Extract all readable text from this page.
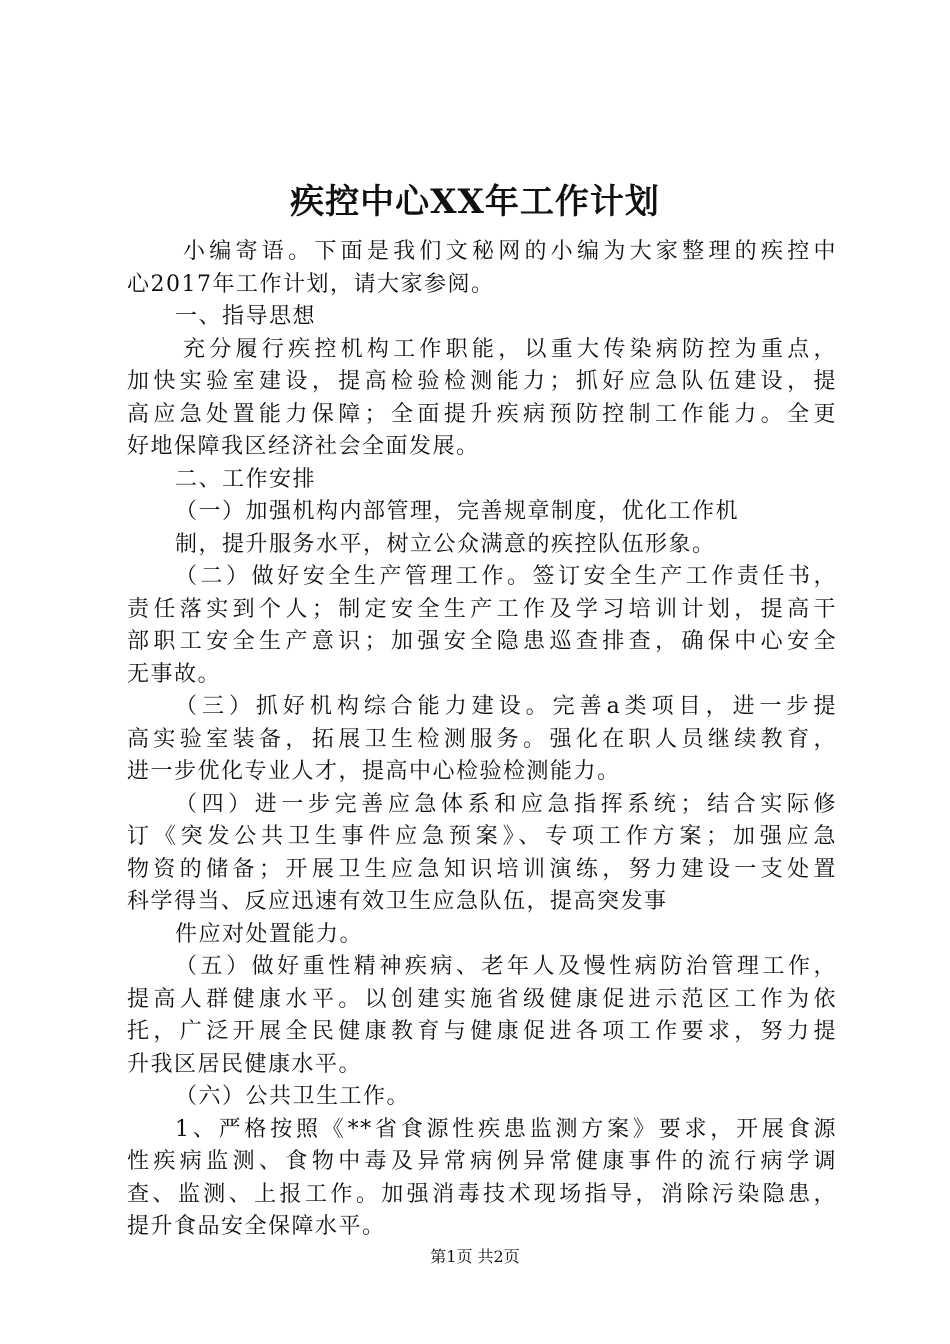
疾控中心XX年工作计划
小编寄语。下面是我们文秘网的小编为大家整理的疾控中
心2017年工作计划，请大家参阅。
一、指导思想
充分履行疾控机构工作职能，以重大传染病防控为重点，
加快实验室建设，提高检验检测能力；抓好应急队伍建设，提
高应急处置能力保障；全面提升疾病预防控制工作能力。全更
好地保障我区经济社会全面发展。
二、工作安排
（一）加强机构内部管理，完善规章制度，优化工作机
制，提升服务水平，树立公众满意的疾控队伍形象。
（二）做好安全生产管理工作。签订安全生产工作责任书，
责任落实到个人；制定安全生产工作及学习培训计划，提高干
部职工安全生产意识；加强安全隐患巡查排查，确保中心安全
无事故。
（三）抓好机构综合能力建设。完善a类项目，进一步提
高实验室装备，拓展卫生检测服务。强化在职人员继续教育，
进一步优化专业人才，提高中心检验检测能力。
（四）进一步完善应急体系和应急指挥系统；结合实际修
订《突发公共卫生事件应急预案》、专项工作方案；加强应急
物资的储备；开展卫生应急知识培训演练，努力建设一支处置
科学得当、反应迅速有效卫生应急队伍，提高突发事
件应对处置能力。
（五）做好重性精神疾病、老年人及慢性病防治管理工作，
提高人群健康水平。以创建实施省级健康促进示范区工作为依
托，广泛开展全民健康教育与健康促进各项工作要求，努力提
升我区居民健康水平。
（六）公共卫生工作。
1、严格按照《**省食源性疾患监测方案》要求，开展食源
性疾病监测、食物中毒及异常病例异常健康事件的流行病学调
查、监测、上报工作。加强消毒技术现场指导，消除污染隐患，
提升食品安全保障水平。
第1页 共2页
